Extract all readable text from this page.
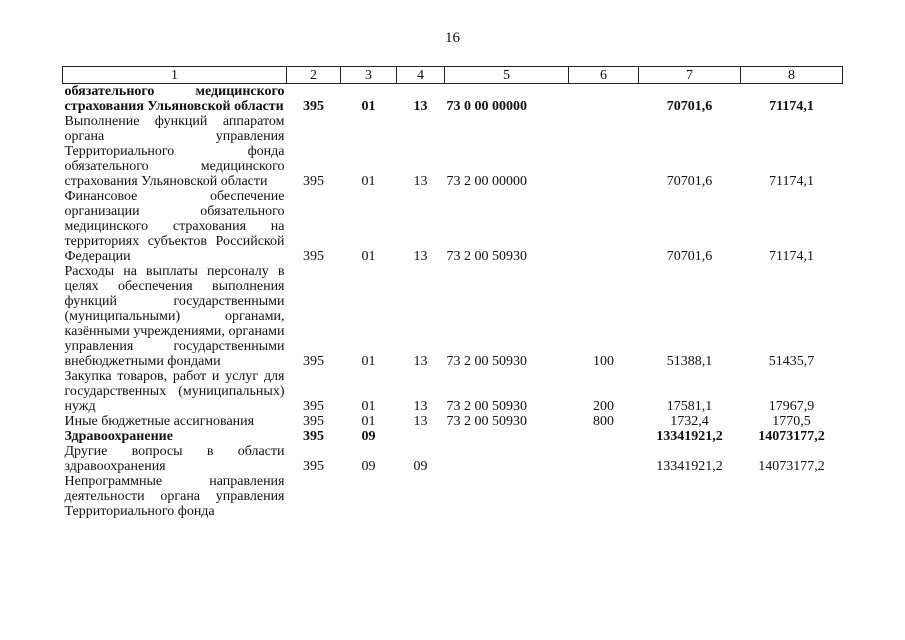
16
1	2	3	4	5	6	7	8
обязательного медицинского страхования Ульяновской области	395	01	13	73 0 00 00000		70701,6	71174,1
Выполнение функций аппаратом органа управления Территориального фонда обязательного медицинского страхования Ульяновской области	395	01	13	73 2 00 00000		70701,6	71174,1
Финансовое обеспечение организации обязательного медицинского страхования на территориях субъектов Российской Федерации	395	01	13	73 2 00 50930		70701,6	71174,1
Расходы на выплаты персоналу в целях обеспечения выполнения функций государственными (муниципальными) органами, казёнными учреждениями, органами управления государственными внебюджетными фондами	395	01	13	73 2 00 50930	100	51388,1	51435,7
Закупка товаров, работ и услуг для государственных (муниципальных) нужд	395	01	13	73 2 00 50930	200	17581,1	17967,9
Иные бюджетные ассигнования	395	01	13	73 2 00 50930	800	1732,4	1770,5
Здравоохранение	395	09				13341921,2	14073177,2
Другие вопросы в области здравоохранения	395	09	09			13341921,2	14073177,2
Непрограммные направления деятельности органа управления Территориального фонда							
